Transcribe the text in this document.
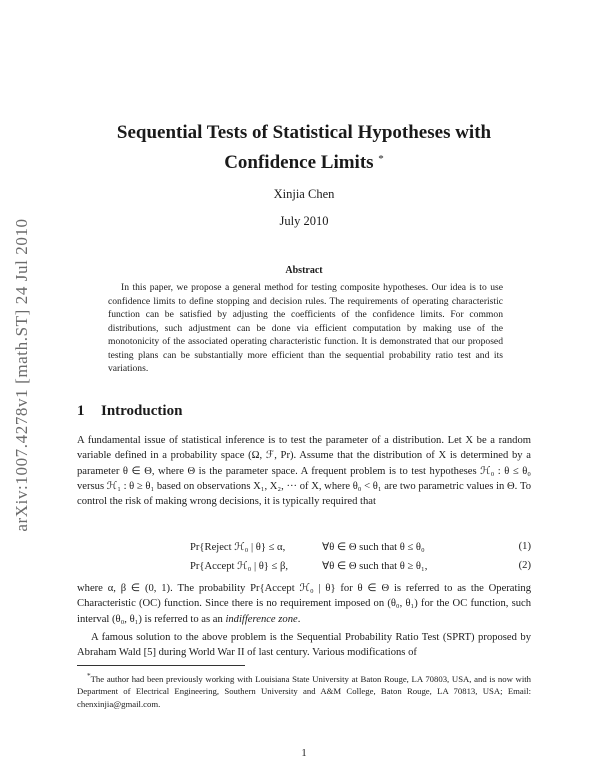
arXiv:1007.4278v1 [math.ST] 24 Jul 2010
Sequential Tests of Statistical Hypotheses with
Confidence Limits *
Xinjia Chen
July 2010
Abstract

In this paper, we propose a general method for testing composite hypotheses. Our idea is to use confidence limits to define stopping and decision rules. The requirements of operating characteristic function can be satisfied by adjusting the coefficients of the confidence limits. For common distributions, such adjustment can be done via efficient computation by making use of the monotonicity of the associated operating characteristic function. It is demonstrated that our proposed testing plans can be substantially more efficient than the sequential probability ratio test and its variations.

1 Introduction

A fundamental issue of statistical inference is to test the parameter of a distribution. Let X be a random variable defined in a probability space (Ω, ℱ, Pr). Assume that the distribution of X is determined by a parameter θ ∈ Θ, where Θ is the parameter space. A frequent problem is to test hypotheses ℋ₀ : θ ≤ θ₀ versus ℋ₁ : θ ≥ θ₁ based on observations X₁, X₂, ··· of X, where θ₀ < θ₁ are two parametric values in Θ. To control the risk of making wrong decisions, it is typically required that

Pr{Reject ℋ₀ | θ} ≤ α,	∀θ ∈ Θ such that θ ≤ θ₀	(1)
Pr{Accept ℋ₀ | θ} ≤ β,	∀θ ∈ Θ such that θ ≥ θ₁,	(2)

where α, β ∈ (0, 1). The probability Pr{Accept ℋ₀ | θ} for θ ∈ Θ is referred to as the Operating Characteristic (OC) function. Since there is no requirement imposed on (θ₀, θ₁) for the OC function, such interval (θ₀, θ₁) is referred to as an indifference zone.

A famous solution to the above problem is the Sequential Probability Ratio Test (SPRT) proposed by Abraham Wald [5] during World War II of last century. Various modifications of

*The author had been previously working with Louisiana State University at Baton Rouge, LA 70803, USA, and is now with Department of Electrical Engineering, Southern University and A&M College, Baton Rouge, LA 70813, USA; Email: chenxinjia@gmail.com.

1
